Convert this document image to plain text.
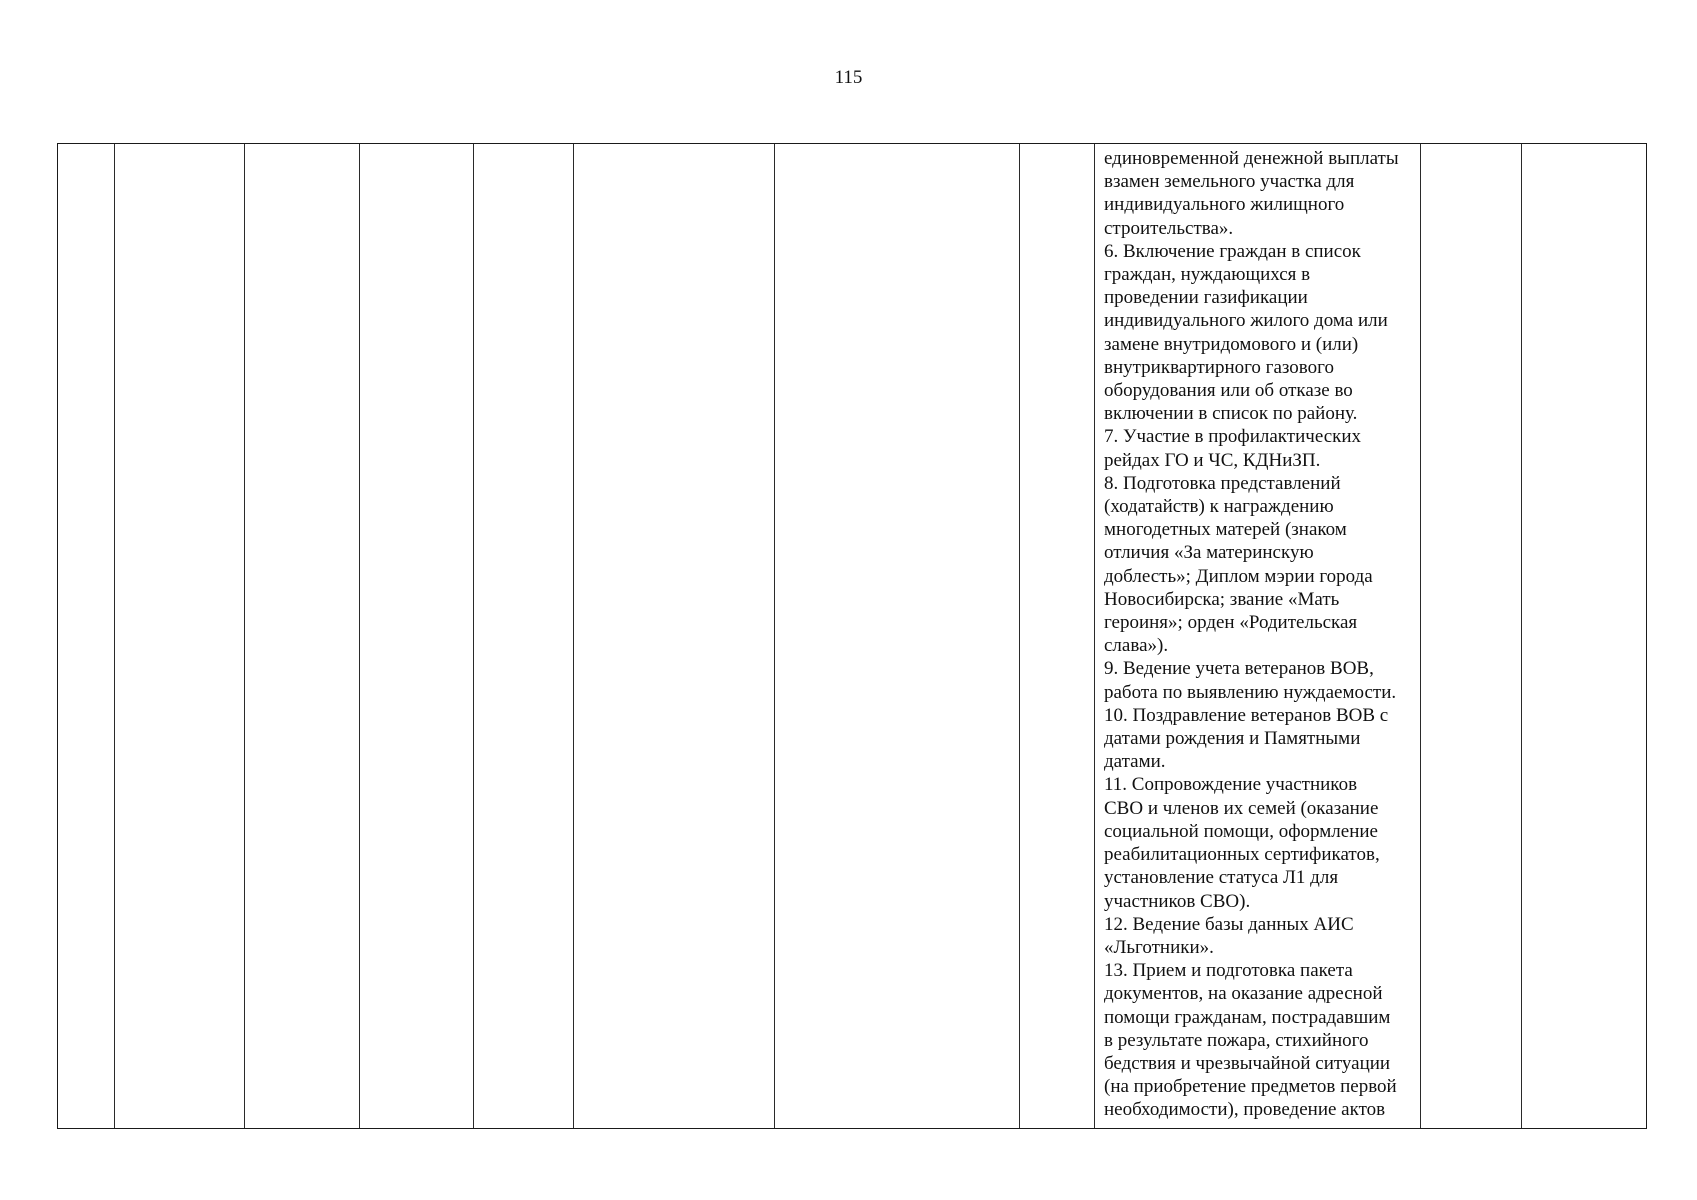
115
единовременной денежной выплаты
взамен земельного участка для
индивидуального жилищного
строительства».
6. Включение граждан в список
граждан, нуждающихся в
проведении газификации
индивидуального жилого дома или
замене внутридомового и (или)
внутриквартирного газового
оборудования или об отказе во
включении в список по району.
7. Участие в профилактических
рейдах ГО и ЧС, КДНиЗП.
8. Подготовка представлений
(ходатайств) к награждению
многодетных матерей (знаком
отличия «За материнскую
доблесть»; Диплом мэрии города
Новосибирска; звание «Мать
героиня»; орден «Родительская
слава»).
9. Ведение учета ветеранов ВОВ,
работа по выявлению нуждаемости.
10. Поздравление ветеранов ВОВ с
датами рождения и Памятными
датами.
11. Сопровождение участников
СВО и членов их семей (оказание
социальной помощи, оформление
реабилитационных сертификатов,
установление статуса Л1 для
участников СВО).
12. Ведение базы данных АИС
«Льготники».
13. Прием и подготовка пакета
документов, на оказание адресной
помощи гражданам, пострадавшим
в результате пожара, стихийного
бедствия и чрезвычайной ситуации
(на приобретение предметов первой
необходимости), проведение актов
